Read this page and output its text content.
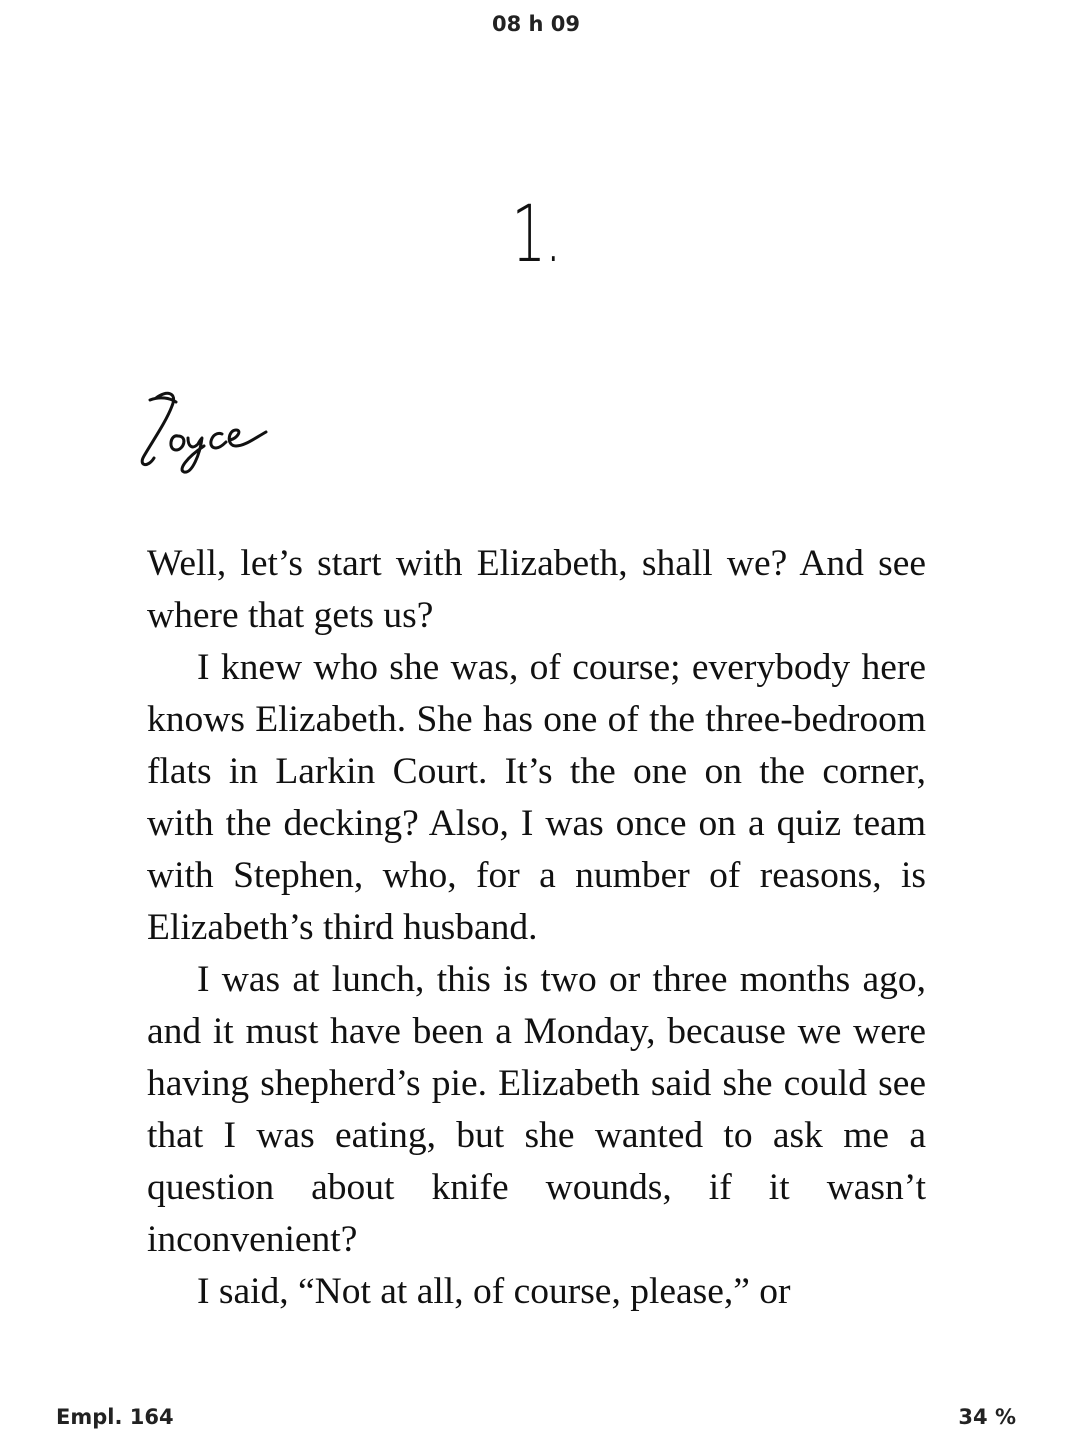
08 h 09
1.

Well, let’s start with Elizabeth, shall we? And see where that gets us?

I knew who she was, of course; everybody here knows Elizabeth. She has one of the three-bedroom flats in Larkin Court. It’s the one on the corner, with the decking? Also, I was once on a quiz team with Stephen, who, for a number of reasons, is Elizabeth’s third husband.

I was at lunch, this is two or three months ago, and it must have been a Monday, because we were having shepherd’s pie. Elizabeth said she could see that I was eating, but she wanted to ask me a question about knife wounds, if it wasn’t inconvenient?

I said, “Not at all, of course, please,” or

Empl. 164	34 %
